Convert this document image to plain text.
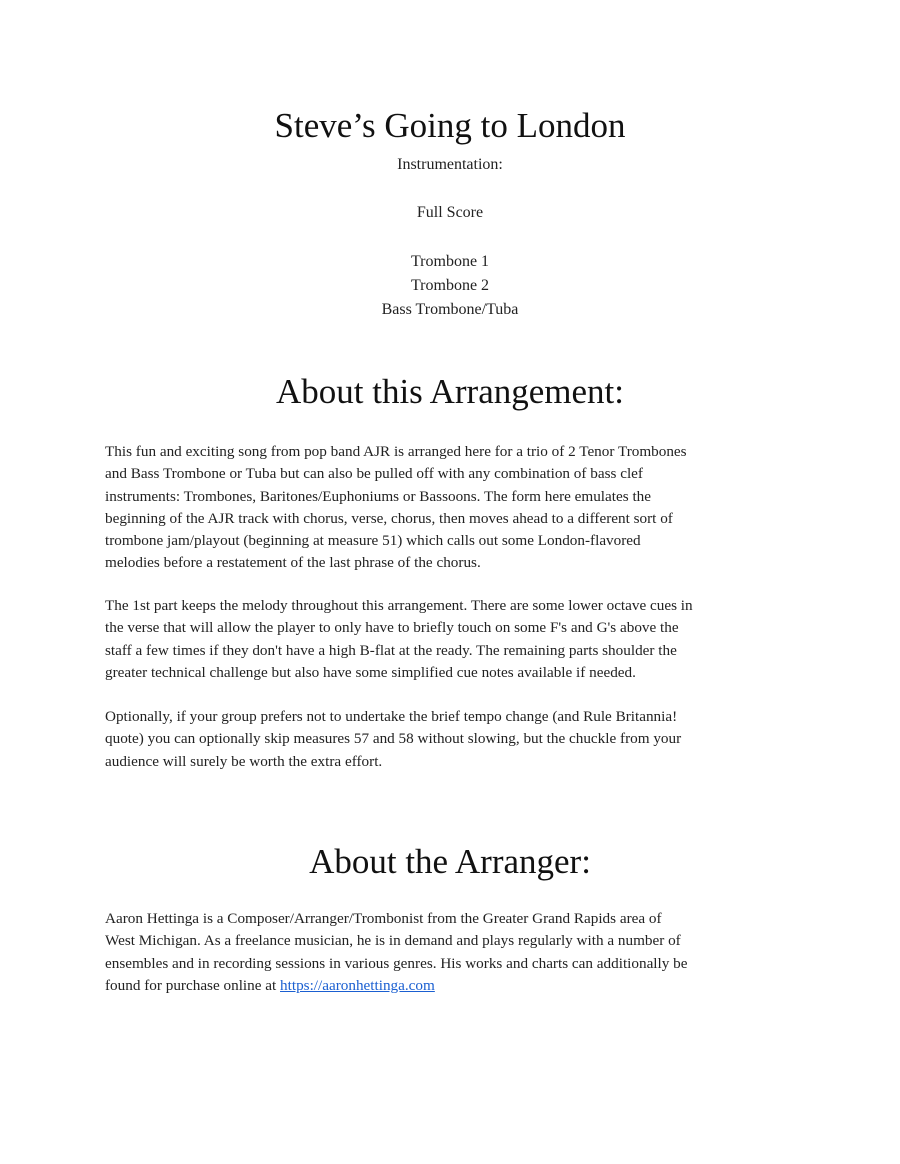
Steve’s Going to London
Instrumentation:
Full Score
Trombone 1
Trombone 2
Bass Trombone/Tuba
About this Arrangement:
This fun and exciting song from pop band AJR is arranged here for a trio of 2 Tenor Trombones
and Bass Trombone or Tuba but can also be pulled off with any combination of bass clef
instruments: Trombones, Baritones/Euphoniums or Bassoons. The form here emulates the
beginning of the AJR track with chorus, verse, chorus, then moves ahead to a different sort of
trombone jam/playout (beginning at measure 51) which calls out some London-flavored
melodies before a restatement of the last phrase of the chorus.
The 1st part keeps the melody throughout this arrangement. There are some lower octave cues in
the verse that will allow the player to only have to briefly touch on some F's and G's above the
staff a few times if they don't have a high B-flat at the ready. The remaining parts shoulder the
greater technical challenge but also have some simplified cue notes available if needed.
Optionally, if your group prefers not to undertake the brief tempo change (and Rule Britannia!
quote) you can optionally skip measures 57 and 58 without slowing, but the chuckle from your
audience will surely be worth the extra effort.
About the Arranger:
Aaron Hettinga is a Composer/Arranger/Trombonist from the Greater Grand Rapids area of
West Michigan. As a freelance musician, he is in demand and plays regularly with a number of
ensembles and in recording sessions in various genres. His works and charts can additionally be
found for purchase online at https://aaronhettinga.com
